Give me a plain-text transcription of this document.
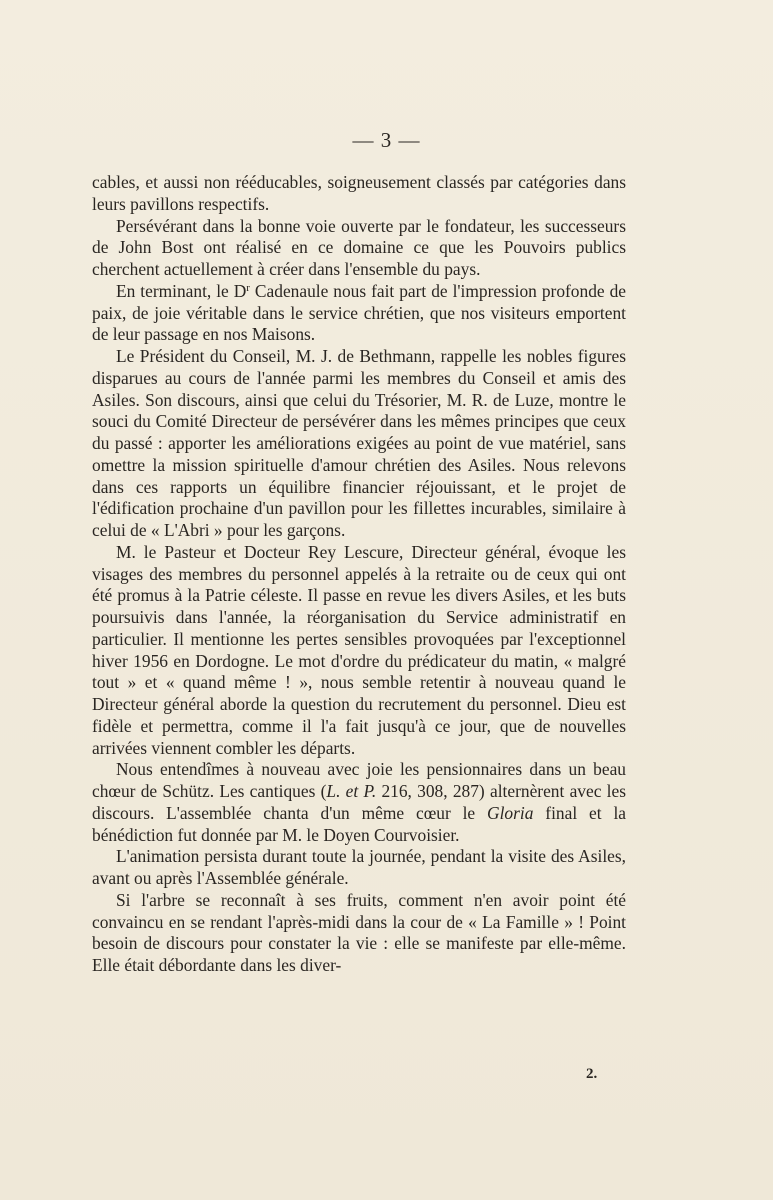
— 3 —

cables, et aussi non rééducables, soigneusement classés par catégories dans leurs pavillons respectifs.

Persévérant dans la bonne voie ouverte par le fondateur, les successeurs de John Bost ont réalisé en ce domaine ce que les Pouvoirs publics cherchent actuellement à créer dans l'ensemble du pays.

En terminant, le $D^r$ Cadenaule nous fait part de l'impression profonde de paix, de joie véritable dans le service chrétien, que nos visiteurs emportent de leur passage en nos Maisons.

Le Président du Conseil, M. J. de Bethmann, rappelle les nobles figures disparues au cours de l'année parmi les membres du Conseil et amis des Asiles. Son discours, ainsi que celui du Trésorier, M. R. de Luze, montre le souci du Comité Directeur de persévérer dans les mêmes principes que ceux du passé : apporter les améliorations exigées au point de vue matériel, sans omettre la mission spirituelle d'amour chrétien des Asiles. Nous relevons dans ces rapports un équilibre financier réjouissant, et le projet de l'édification prochaine d'un pavillon pour les fillettes incurables, similaire à celui de « L'Abri » pour les garçons.

M. le Pasteur et Docteur Rey Lescure, Directeur général, évoque les visages des membres du personnel appelés à la retraite ou de ceux qui ont été promus à la Patrie céleste. Il passe en revue les divers Asiles, et les buts poursuivis dans l'année, la réorganisation du Service administratif en particulier. Il mentionne les pertes sensibles provoquées par l'exceptionnel hiver 1956 en Dordogne. Le mot d'ordre du prédicateur du matin, « malgré tout » et « quand même ! », nous semble retentir à nouveau quand le Directeur général aborde la question du recrutement du personnel. Dieu est fidèle et permettra, comme il l'a fait jusqu'à ce jour, que de nouvelles arrivées viennent combler les départs.

Nous entendîmes à nouveau avec joie les pensionnaires dans un beau chœur de Schütz. Les cantiques (L. et P. 216, 308, 287) alternèrent avec les discours. L'assemblée chanta d'un même cœur le Gloria final et la bénédiction fut donnée par M. le Doyen Courvoisier.

L'animation persista durant toute la journée, pendant la visite des Asiles, avant ou après l'Assemblée générale.

Si l'arbre se reconnaît à ses fruits, comment n'en avoir point été convaincu en se rendant l'après-midi dans la cour de « La Famille » ! Point besoin de discours pour constater la vie : elle se manifeste par elle-même. Elle était débordante dans les diver-

2.
